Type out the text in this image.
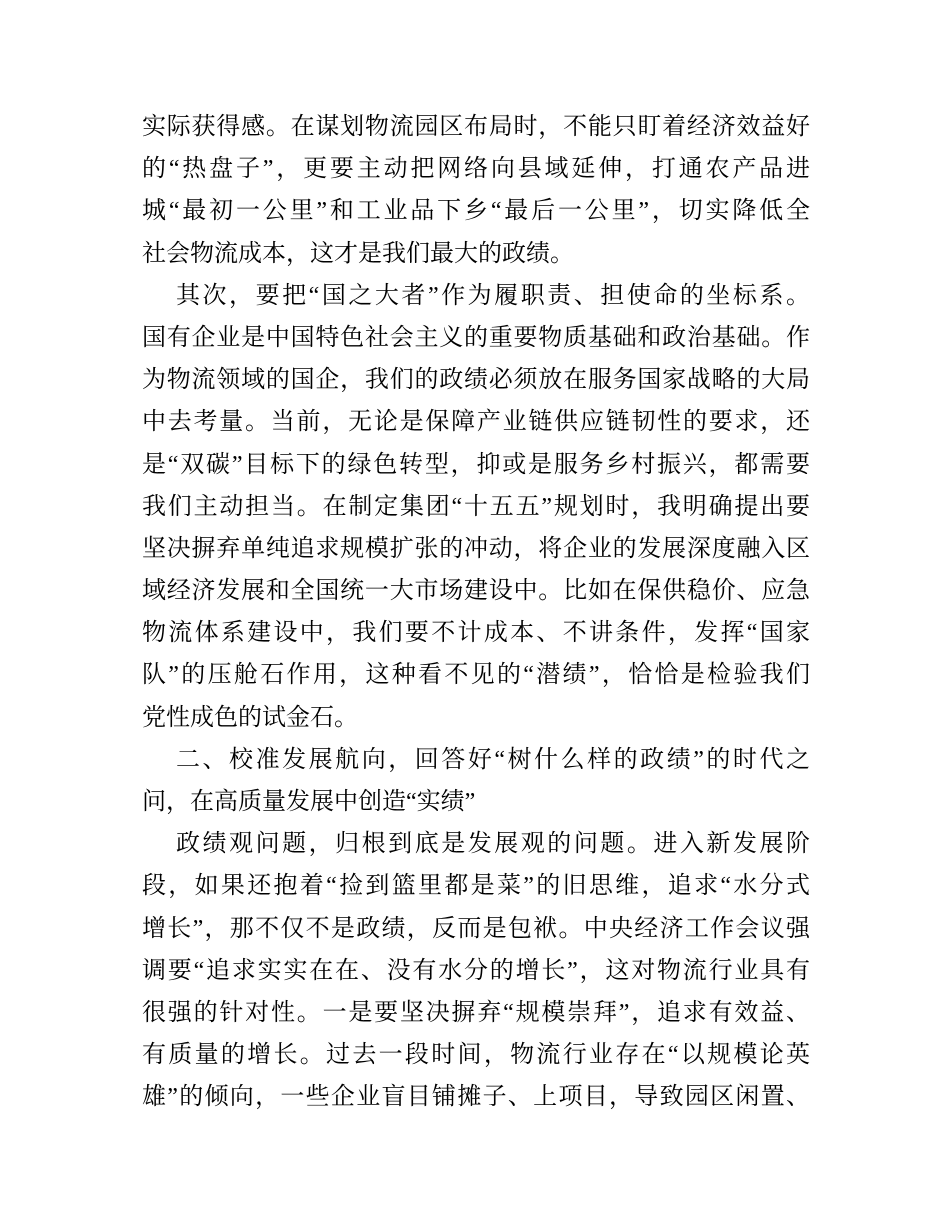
实际获得感。在谋划物流园区布局时，不能只盯着经济效益好
的“热盘子”，更要主动把网络向县域延伸，打通农产品进
城“最初一公里”和工业品下乡“最后一公里”，切实降低全
社会物流成本，这才是我们最大的政绩。
其次，要把“国之大者”作为履职责、担使命的坐标系。
国有企业是中国特色社会主义的重要物质基础和政治基础。作
为物流领域的国企，我们的政绩必须放在服务国家战略的大局
中去考量。当前，无论是保障产业链供应链韧性的要求，还
是“双碳”目标下的绿色转型，抑或是服务乡村振兴，都需要
我们主动担当。在制定集团“十五五”规划时，我明确提出要
坚决摒弃单纯追求规模扩张的冲动，将企业的发展深度融入区
域经济发展和全国统一大市场建设中。比如在保供稳价、应急
物流体系建设中，我们要不计成本、不讲条件，发挥“国家
队”的压舱石作用，这种看不见的“潜绩”，恰恰是检验我们
党性成色的试金石。
二、校准发展航向，回答好“树什么样的政绩”的时代之
问，在高质量发展中创造“实绩”
政绩观问题，归根到底是发展观的问题。进入新发展阶
段，如果还抱着“捡到篮里都是菜”的旧思维，追求“水分式
增长”，那不仅不是政绩，反而是包袱。中央经济工作会议强
调要“追求实实在在、没有水分的增长”，这对物流行业具有
很强的针对性。一是要坚决摒弃“规模崇拜”，追求有效益、
有质量的增长。过去一段时间，物流行业存在“以规模论英
雄”的倾向，一些企业盲目铺摊子、上项目，导致园区闲置、
